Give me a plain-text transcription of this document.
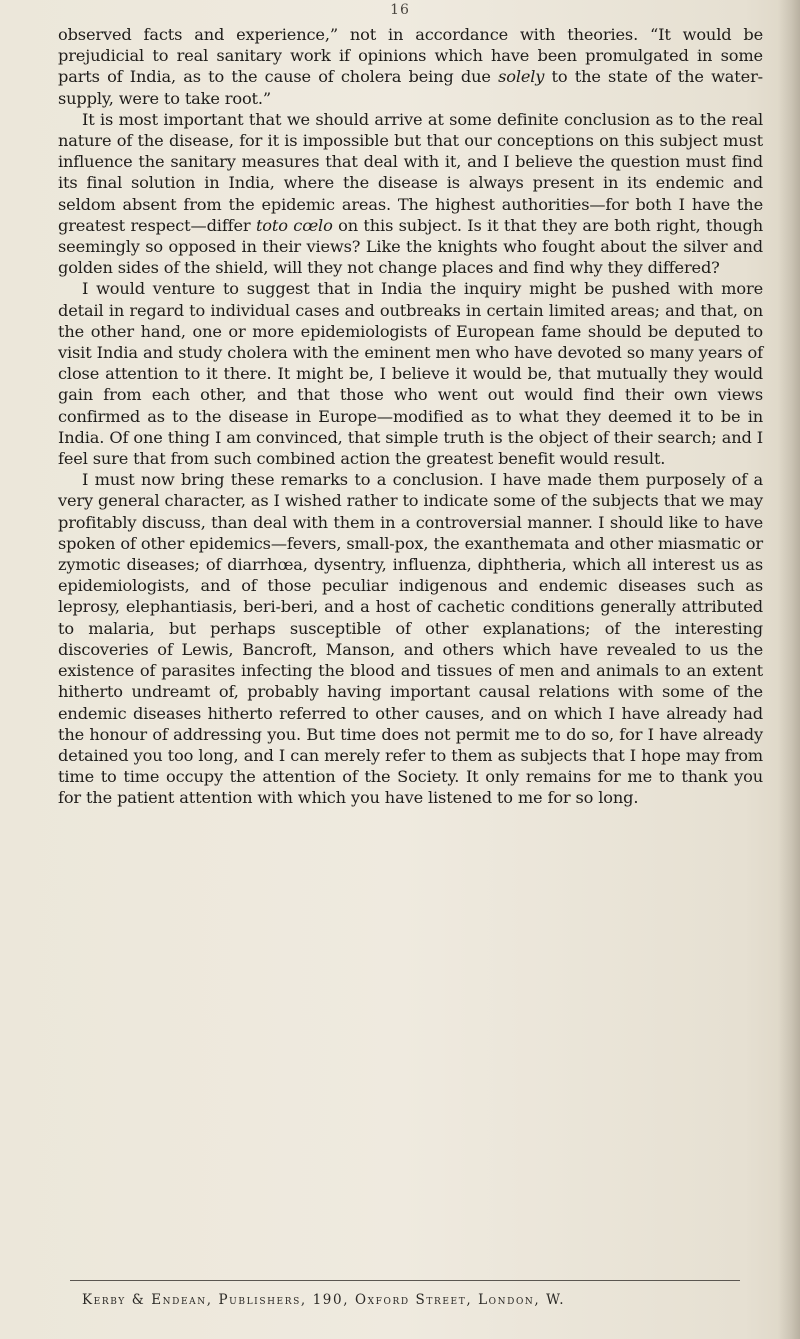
16

observed facts and experience,” not in accordance with theories. “It would be prejudicial to real sanitary work if opinions which have been promulgated in some parts of India, as to the cause of cholera being due solely to the state of the water-supply, were to take root.”

It is most important that we should arrive at some definite conclusion as to the real nature of the disease, for it is impossible but that our conceptions on this subject must influence the sanitary measures that deal with it, and I believe the question must find its final solution in India, where the disease is always present in its endemic and seldom absent from the epidemic areas. The highest authorities—for both I have the greatest respect—differ toto cœlo on this subject. Is it that they are both right, though seemingly so opposed in their views? Like the knights who fought about the silver and golden sides of the shield, will they not change places and find why they differed?

I would venture to suggest that in India the inquiry might be pushed with more detail in regard to individual cases and outbreaks in certain limited areas; and that, on the other hand, one or more epidemiologists of European fame should be deputed to visit India and study cholera with the eminent men who have devoted so many years of close attention to it there. It might be, I believe it would be, that mutually they would gain from each other, and that those who went out would find their own views confirmed as to the disease in Europe—modified as to what they deemed it to be in India. Of one thing I am convinced, that simple truth is the object of their search; and I feel sure that from such combined action the greatest benefit would result.

I must now bring these remarks to a conclusion. I have made them purposely of a very general character, as I wished rather to indicate some of the subjects that we may profitably discuss, than deal with them in a controversial manner. I should like to have spoken of other epidemics—fevers, small-pox, the exanthemata and other miasmatic or zymotic diseases; of diarrhœa, dysentry, influenza, diphtheria, which all interest us as epidemiologists, and of those peculiar indigenous and endemic diseases such as leprosy, elephantiasis, beri-beri, and a host of cachetic conditions generally attributed to malaria, but perhaps susceptible of other explanations; of the interesting discoveries of Lewis, Bancroft, Manson, and others which have revealed to us the existence of parasites infecting the blood and tissues of men and animals to an extent hitherto undreamt of, probably having important causal relations with some of the endemic diseases hitherto referred to other causes, and on which I have already had the honour of addressing you. But time does not permit me to do so, for I have already detained you too long, and I can merely refer to them as subjects that I hope may from time to time occupy the attention of the Society. It only remains for me to thank you for the patient attention with which you have listened to me for so long.

Kerby & Endean, Publishers, 190, Oxford Street, London, W.
